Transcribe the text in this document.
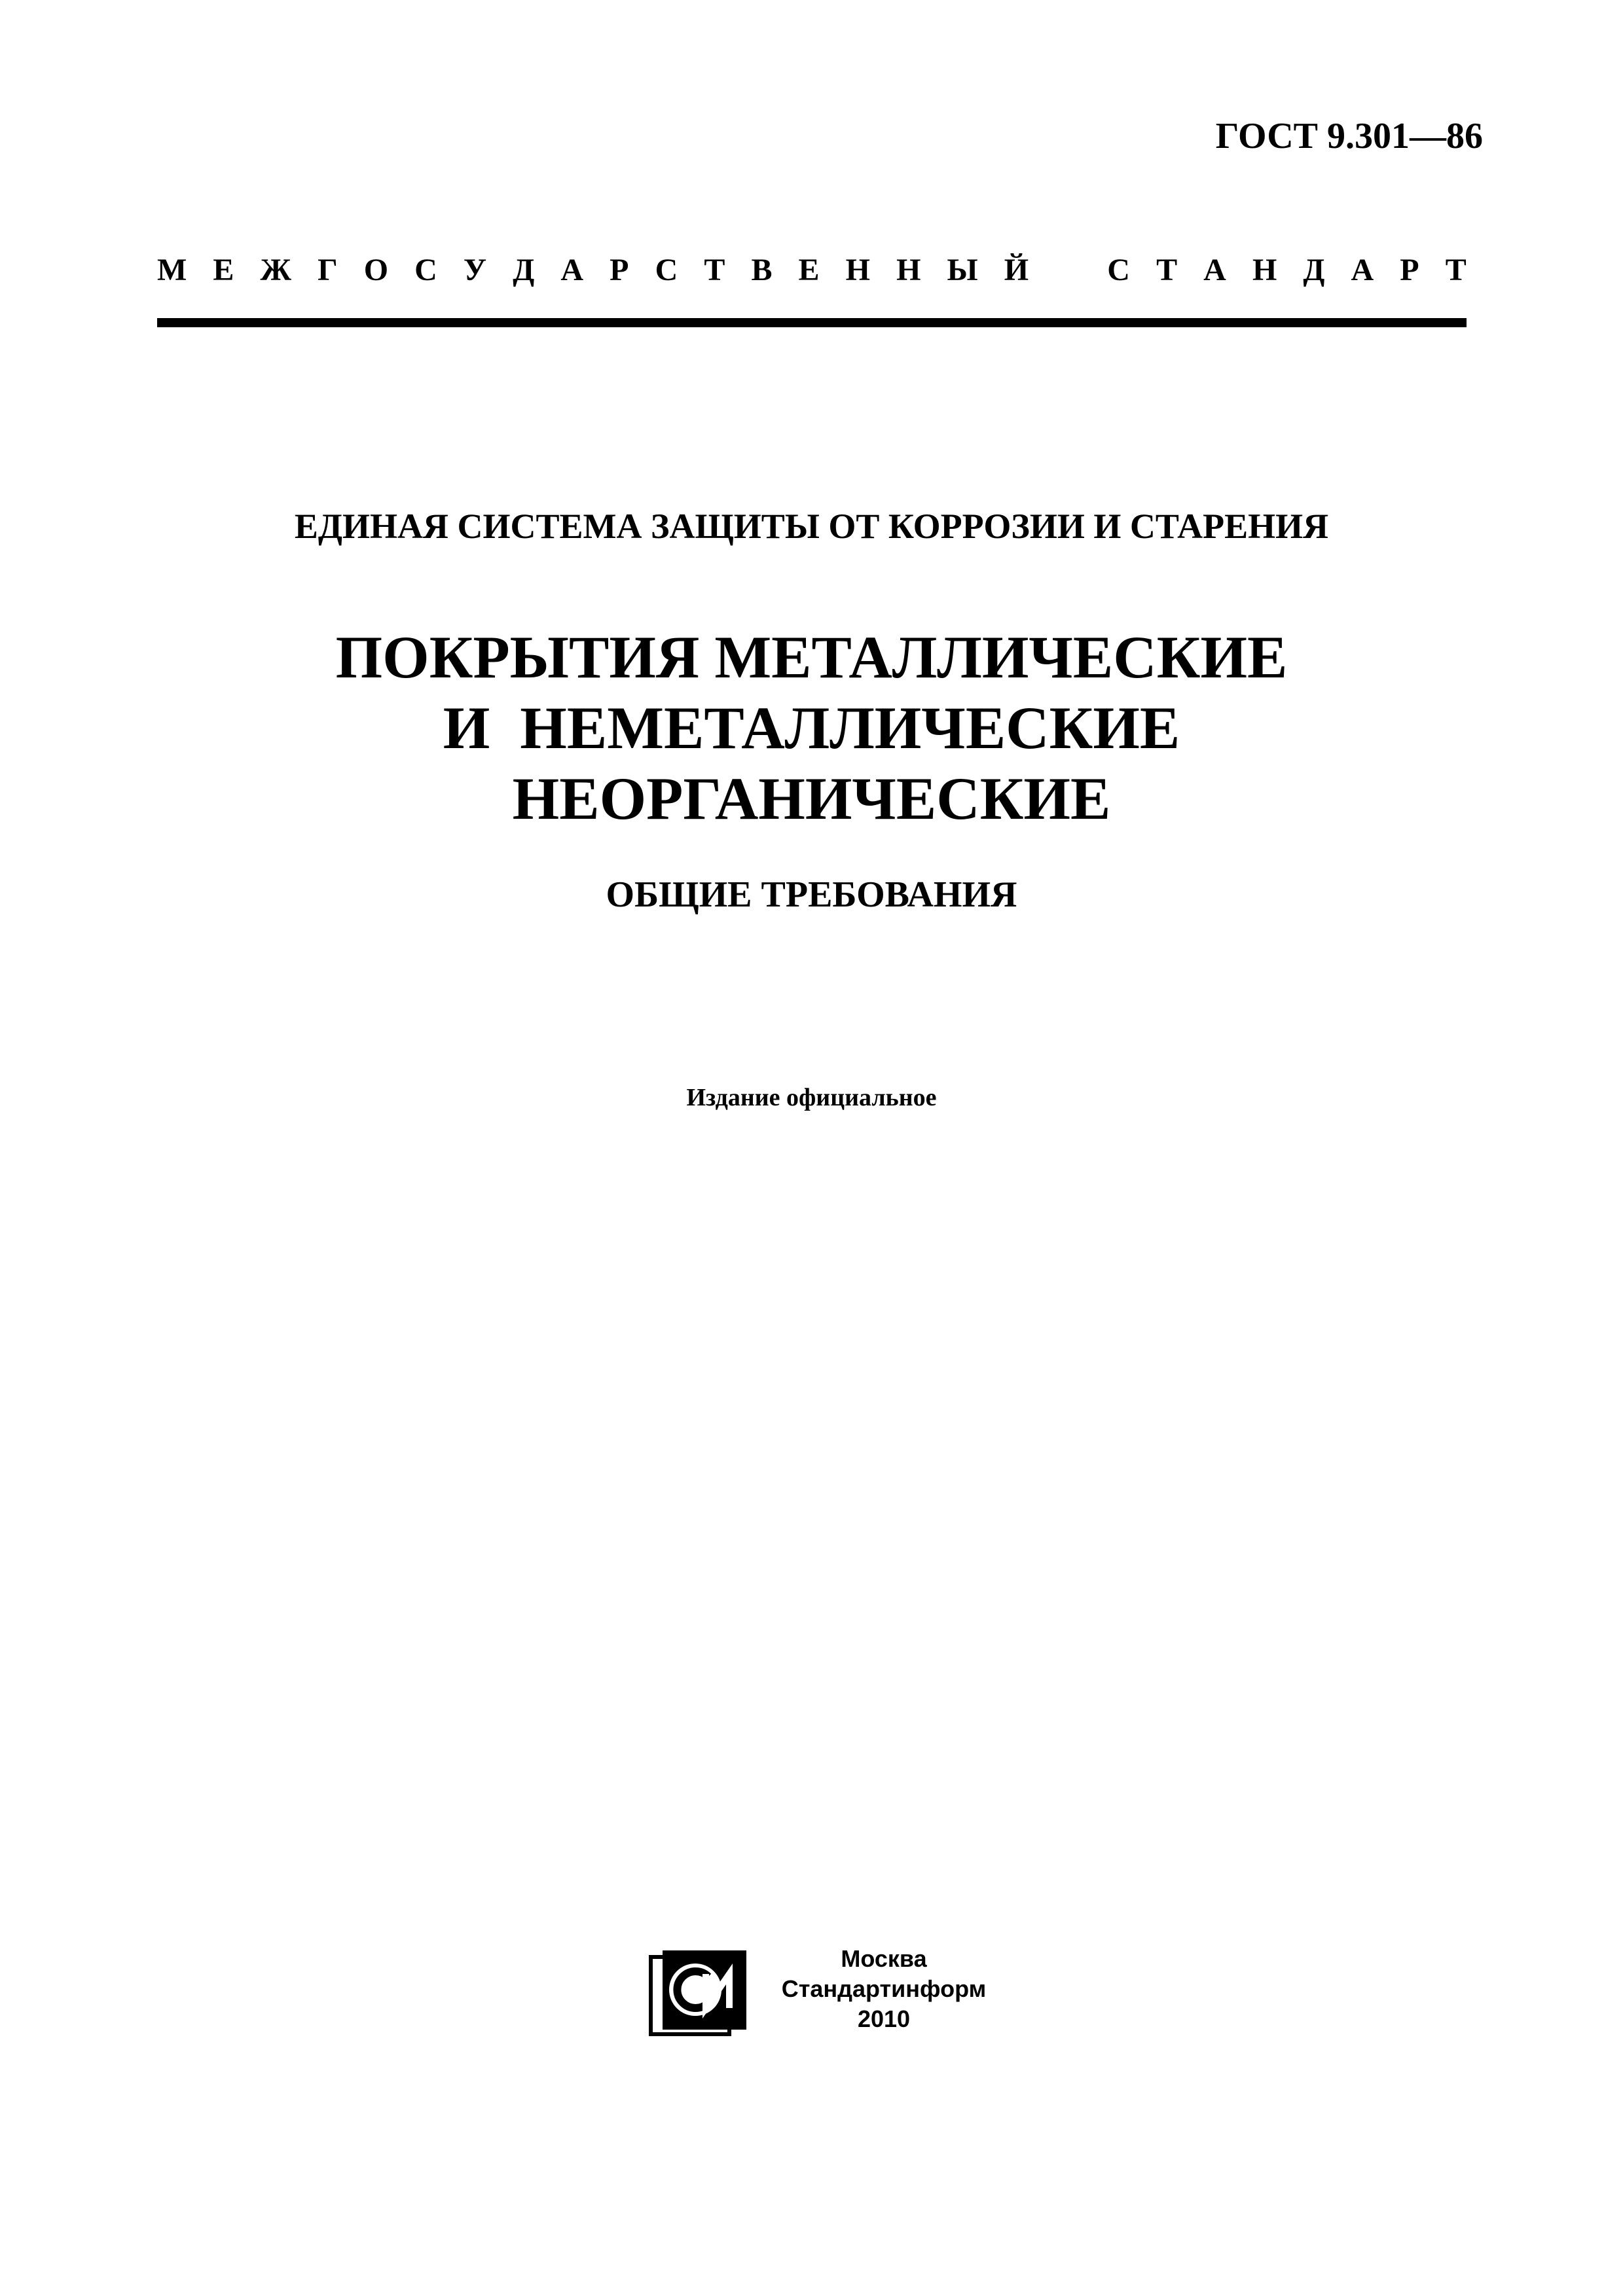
ГОСТ 9.301—86
М Е Ж Г О С У Д А Р С Т В Е Н Н Ы Й	С Т А Н Д А Р Т
ЕДИНАЯ СИСТЕМА ЗАЩИТЫ ОТ КОРРОЗИИ И СТАРЕНИЯ
ПОКРЫТИЯ МЕТАЛЛИЧЕСКИЕ
И  НЕМЕТАЛЛИЧЕСКИЕ
НЕОРГАНИЧЕСКИЕ
ОБЩИЕ ТРЕБОВАНИЯ
Издание официальное
Москва
Стандартинформ
2010
